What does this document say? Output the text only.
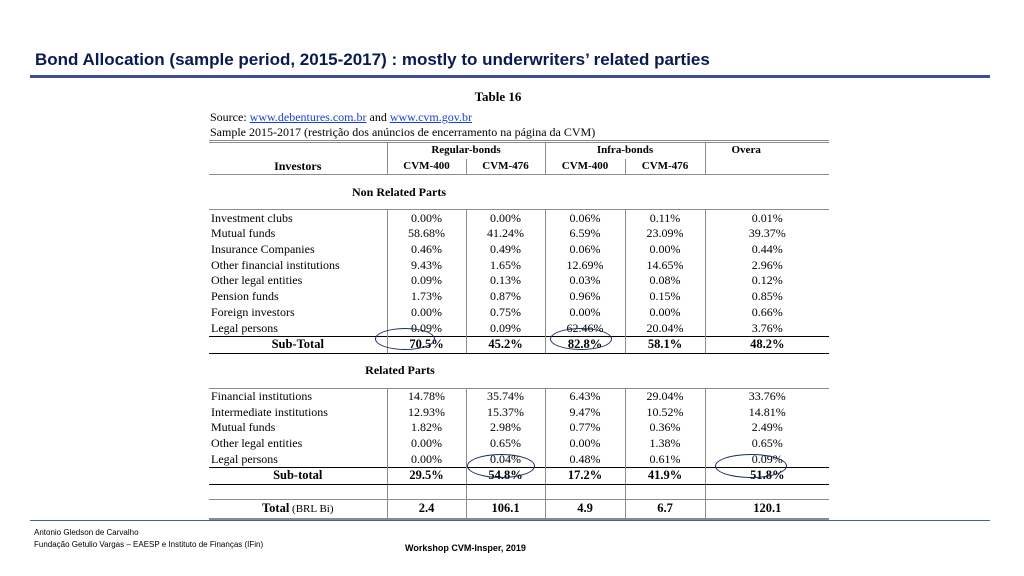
Bond Allocation (sample period, 2015-2017) : mostly to underwriters’ related parties
Table 16
Source: www.debentures.com.br and www.cvm.gov.br
Sample 2015-2017 (restrição dos anúncios de encerramento na página da CVM)
	Regular-bonds		Infra-bonds		Overa
Investors	CVM-400	CVM-476	CVM-400	CVM-476	
Non Related Parts					
Investment clubs	0.00%	0.00%	0.06%	0.11%	0.01%
Mutual funds	58.68%	41.24%	6.59%	23.09%	39.37%
Insurance Companies	0.46%	0.49%	0.06%	0.00%	0.44%
Other financial institutions	9.43%	1.65%	12.69%	14.65%	2.96%
Other legal entities	0.09%	0.13%	0.03%	0.08%	0.12%
Pension funds	1.73%	0.87%	0.96%	0.15%	0.85%
Foreign investors	0.00%	0.75%	0.00%	0.00%	0.66%
Legal persons	0.09%	0.09%	62.46%	20.04%	3.76%
Sub-Total	70.5%	45.2%	82.8%	58.1%	48.2%
Related Parts					
Financial institutions	14.78%	35.74%	6.43%	29.04%	33.76%
Intermediate institutions	12.93%	15.37%	9.47%	10.52%	14.81%
Mutual funds	1.82%	2.98%	0.77%	0.36%	2.49%
Other legal entities	0.00%	0.65%	0.00%	1.38%	0.65%
Legal persons	0.00%	0.04%	0.48%	0.61%	0.09%
Sub-total	29.5%	54.8%	17.2%	41.9%	51.8%

Total (BRL Bi)	2.4	106.1	4.9	6.7	120.1
Antonio Gledson de Carvalho
Fundação Getulio Vargas – EAESP e Instituto de Finanças (IFin)	Workshop CVM-Insper, 2019
